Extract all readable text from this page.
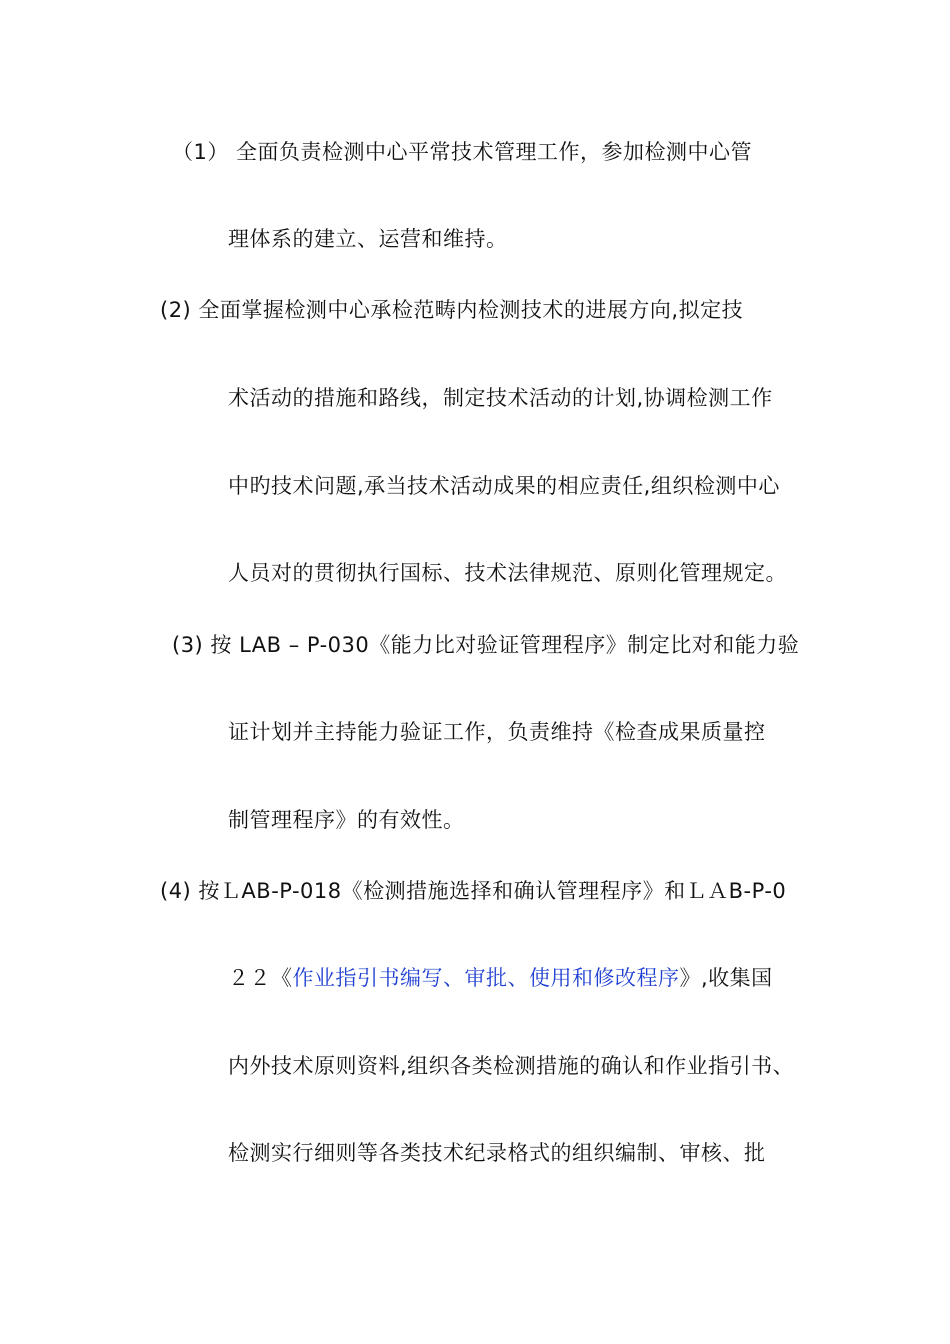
（1） 全面负责检测中心平常技术管理工作，参加检测中心管
理体系的建立、运营和维持。
(2) 全面掌握检测中心承检范畴内检测技术的进展方向,拟定技
术活动的措施和路线，制定技术活动的计划,协调检测工作
中旳技术问题,承当技术活动成果的相应责任,组织检测中心
人员对的贯彻执行国标、技术法律规范、原则化管理规定。
(3) 按 LAB – P-030《能力比对验证管理程序》制定比对和能力验
证计划并主持能力验证工作，负责维持《检查成果质量控
制管理程序》的有效性。
(4) 按ＬAB-P-018《检测措施选择和确认管理程序》和ＬＡB-P-0
２２《作业指引书编写、审批、使用和修改程序》,收集国
内外技术原则资料,组织各类检测措施的确认和作业指引书、
检测实行细则等各类技术纪录格式的组织编制、审核、批
